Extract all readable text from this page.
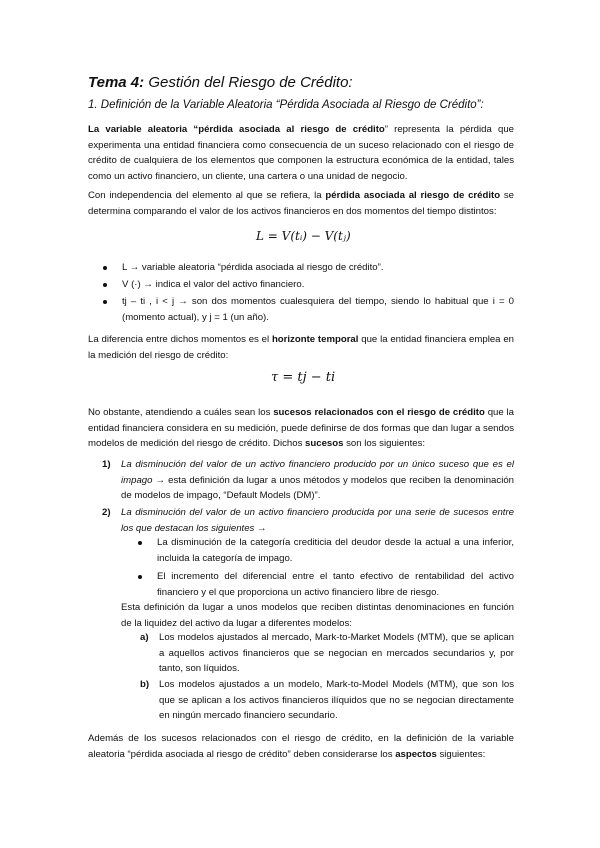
Tema 4: Gestión del Riesgo de Crédito:
1. Definición de la Variable Aleatoria “Pérdida Asociada al Riesgo de Crédito”:
La variable aleatoria “pérdida asociada al riesgo de crédito” representa la pérdida que experimenta una entidad financiera como consecuencia de un suceso relacionado con el riesgo de crédito de cualquiera de los elementos que componen la estructura económica de la entidad, tales como un activo financiero, un cliente, una cartera o una unidad de negocio.
Con independencia del elemento al que se refiera, la pérdida asociada al riesgo de crédito se determina comparando el valor de los activos financieros en dos momentos del tiempo distintos:
L = V(tᵢ) − V(tⱼ)
L → variable aleatoria “pérdida asociada al riesgo de crédito”.
V (·) → indica el valor del activo financiero.
tj – ti , i < j → son dos momentos cualesquiera del tiempo, siendo lo habitual que i = 0 (momento actual), y j = 1 (un año).
La diferencia entre dichos momentos es el horizonte temporal que la entidad financiera emplea en la medición del riesgo de crédito:
τ = tj − ti
No obstante, atendiendo a cuáles sean los sucesos relacionados con el riesgo de crédito que la entidad financiera considera en su medición, puede definirse de dos formas que dan lugar a sendos modelos de medición del riesgo de crédito. Dichos sucesos son los siguientes:
1) La disminución del valor de un activo financiero producido por un único suceso que es el impago → esta definición da lugar a unos métodos y modelos que reciben la denominación de modelos de impago, “Default Models (DM)”.
2) La disminución del valor de un activo financiero producida por una serie de sucesos entre los que destacan los siguientes →
La disminución de la categoría crediticia del deudor desde la actual a una inferior, incluida la categoría de impago.
El incremento del diferencial entre el tanto efectivo de rentabilidad del activo financiero y el que proporciona un activo financiero libre de riesgo.
Esta definición da lugar a unos modelos que reciben distintas denominaciones en función de la liquidez del activo da lugar a diferentes modelos:
a) Los modelos ajustados al mercado, Mark-to-Market Models (MTM), que se aplican a aquellos activos financieros que se negocian en mercados secundarios y, por tanto, son líquidos.
b) Los modelos ajustados a un modelo, Mark-to-Model Models (MTM), que son los que se aplican a los activos financieros ilíquidos que no se negocian directamente en ningún mercado financiero secundario.
Además de los sucesos relacionados con el riesgo de crédito, en la definición de la variable aleatoria “pérdida asociada al riesgo de crédito” deben considerarse los aspectos siguientes:
